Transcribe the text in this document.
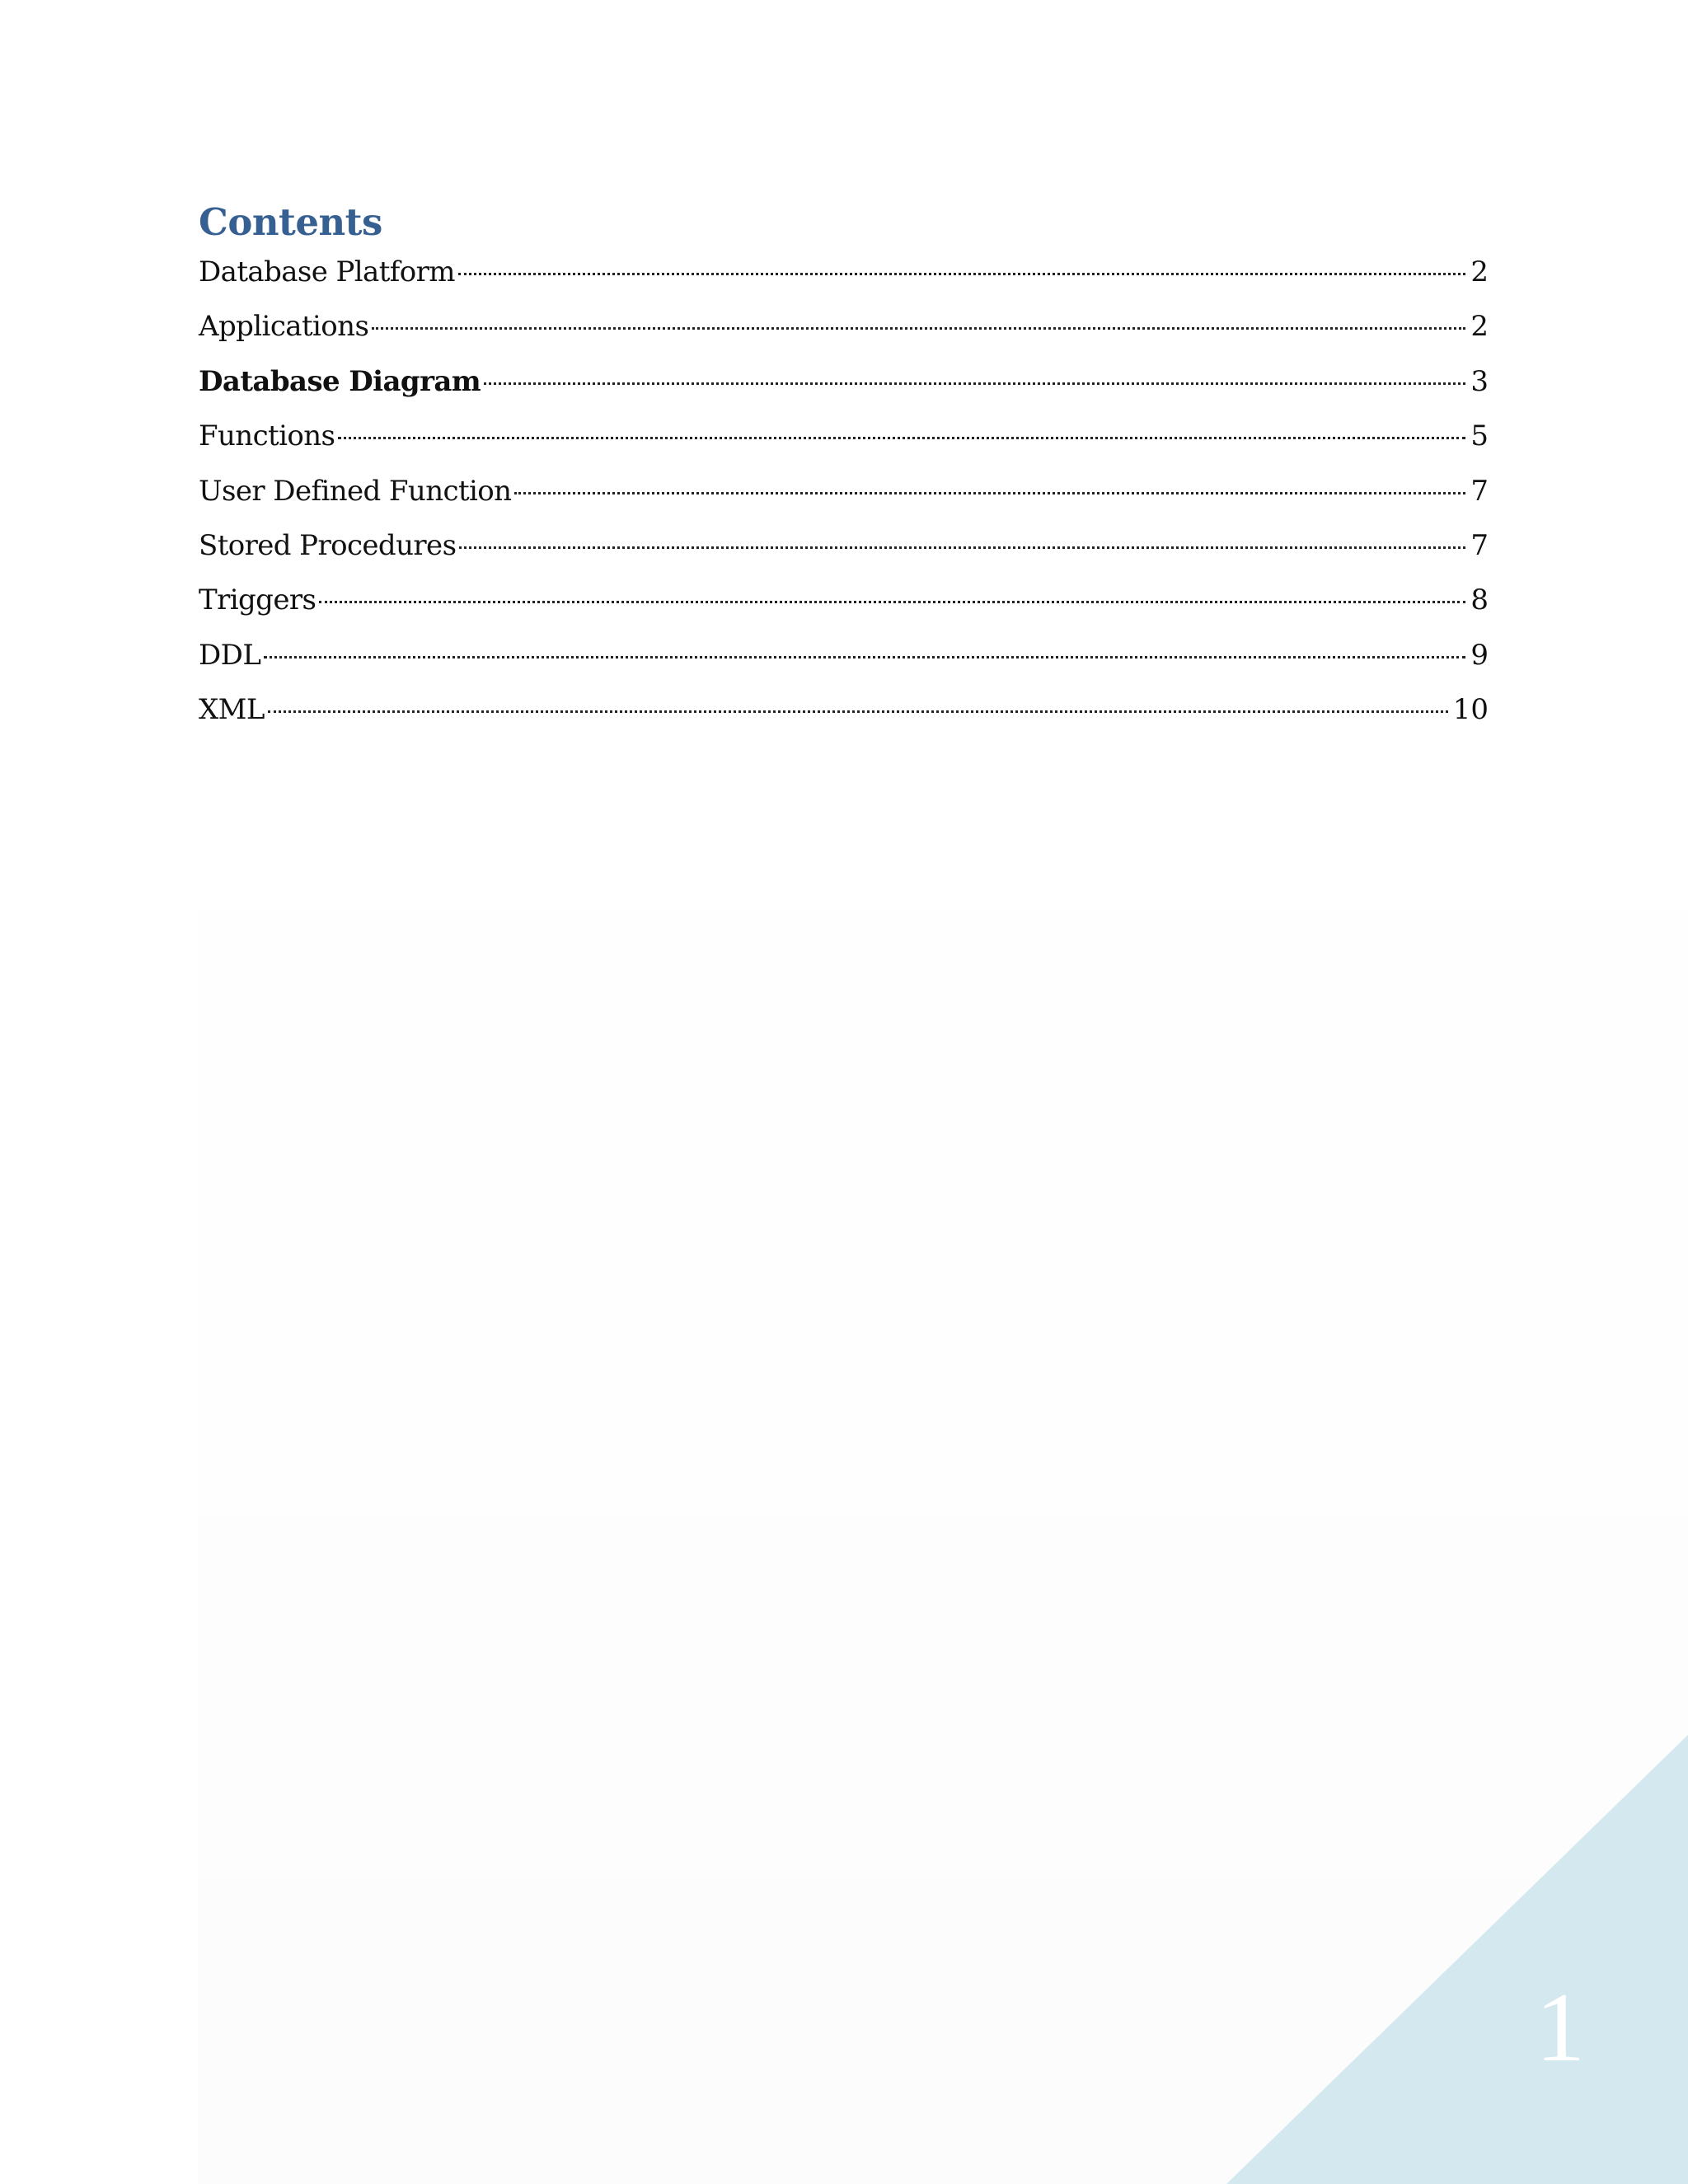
Contents
Database Platform	2
Applications	2
Database Diagram	3
Functions	5
User Defined Function	7
Stored Procedures	7
Triggers	8
DDL	9
XML	10
1
